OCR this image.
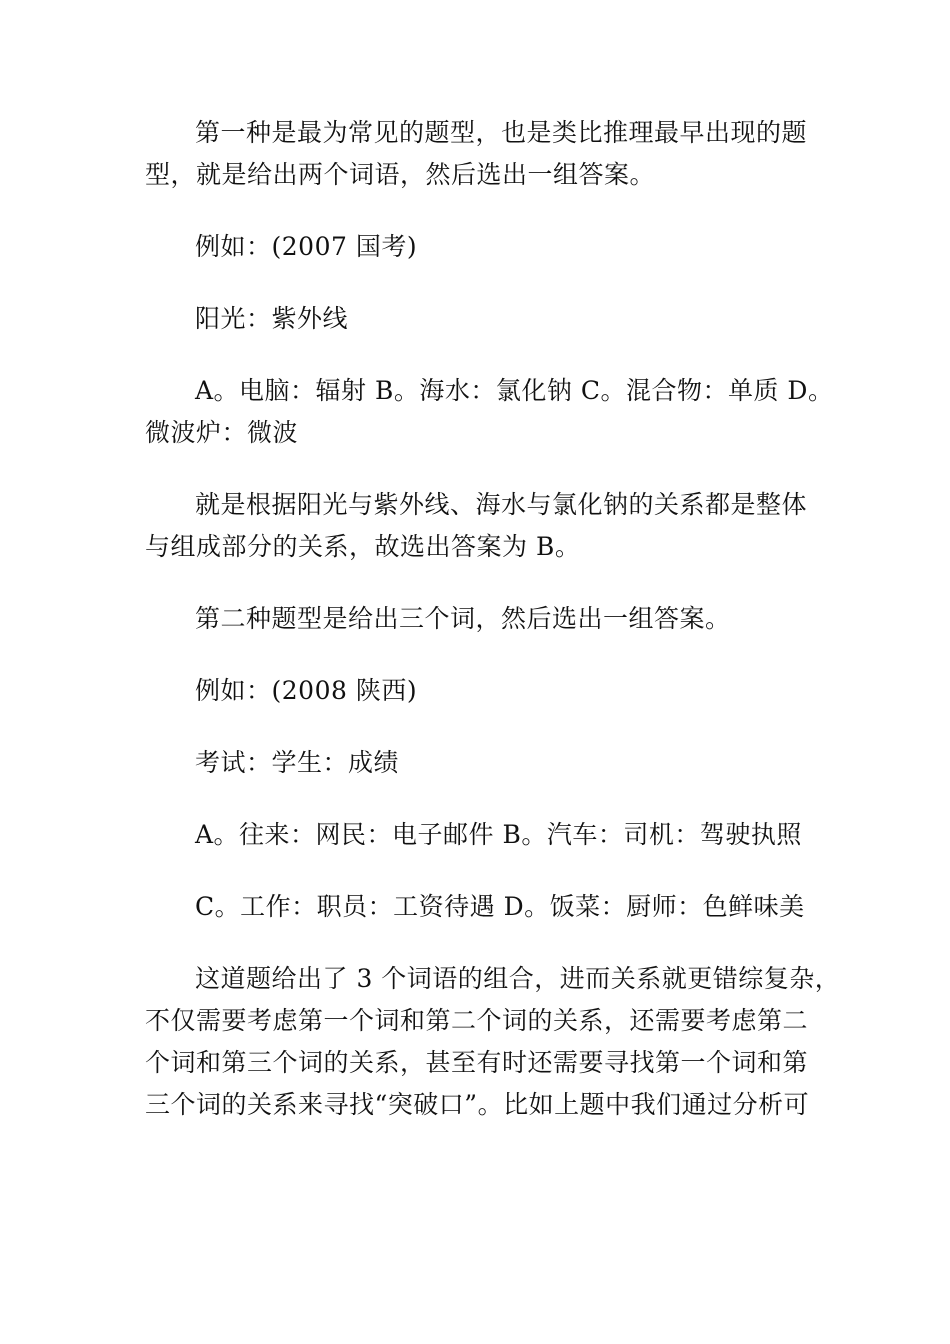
第一种是最为常见的题型，也是类比推理最早出现的题
型，就是给出两个词语，然后选出一组答案。
例如：(2007 国考)
阳光：紫外线
A。电脑：辐射 B。海水：氯化钠 C。混合物：单质 D。
微波炉：微波
就是根据阳光与紫外线、海水与氯化钠的关系都是整体
与组成部分的关系，故选出答案为 B。
第二种题型是给出三个词，然后选出一组答案。
例如：(2008 陕西)
考试：学生：成绩
A。往来：网民：电子邮件 B。汽车：司机：驾驶执照
C。工作：职员：工资待遇 D。饭菜：厨师：色鲜味美
这道题给出了 3 个词语的组合，进而关系就更错综复杂，
不仅需要考虑第一个词和第二个词的关系，还需要考虑第二
个词和第三个词的关系，甚至有时还需要寻找第一个词和第
三个词的关系来寻找“突破口”。比如上题中我们通过分析可
